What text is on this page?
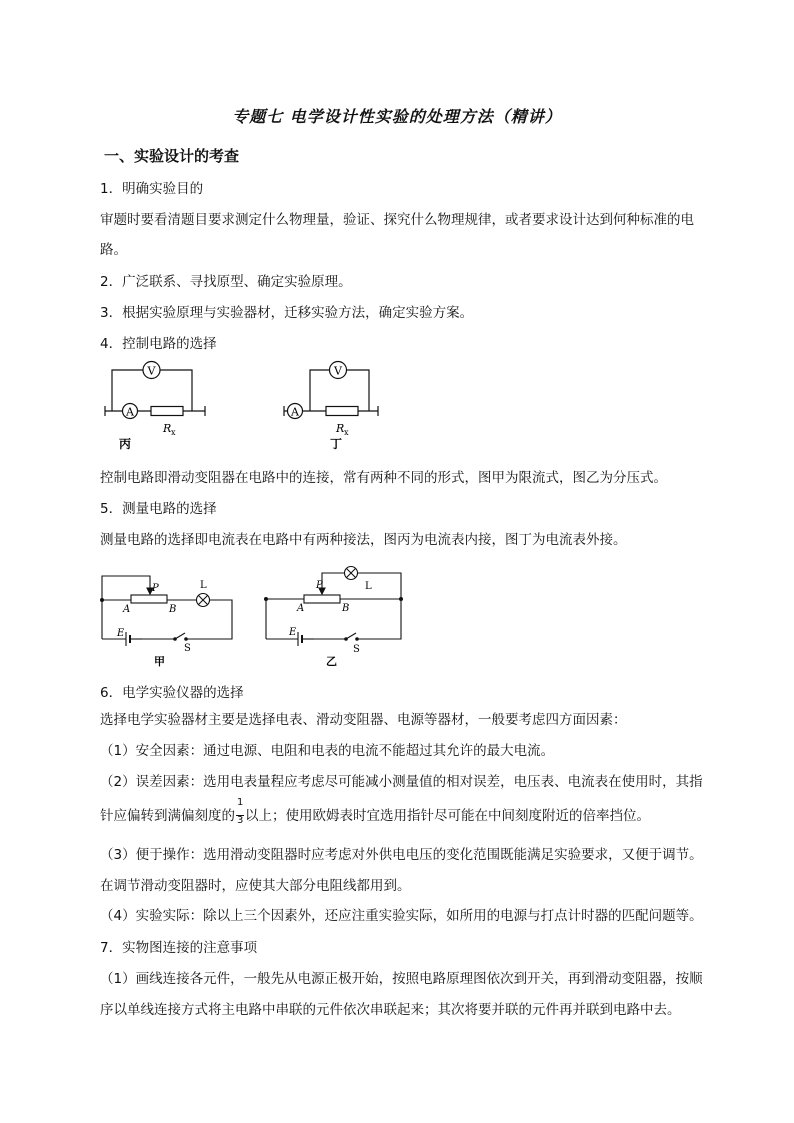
专题七 电学设计性实验的处理方法（精讲）
一、实验设计的考查
1．明确实验目的
审题时要看清题目要求测定什么物理量，验证、探究什么物理规律，或者要求设计达到何种标准的电
路。
2．广泛联系、寻找原型、确定实验原理。
3．根据实验原理与实验器材，迁移实验方法，确定实验方案。
4．控制电路的选择
V
A
R x
丙
V
A
R x
丁
控制电路即滑动变阻器在电路中的连接，常有两种不同的形式，图甲为限流式，图乙为分压式。
5．测量电路的选择
测量电路的选择即电流表在电路中有两种接法，图丙为电流表内接，图丁为电流表外接。
P
A	B
L
E
S
甲
P
A	B
L
E
S
乙
6．电学实验仪器的选择
选择电学实验器材主要是选择电表、滑动变阻器、电源等器材，一般要考虑四方面因素：
（1）安全因素：通过电源、电阻和电表的电流不能超过其允许的最大电流。
（2）误差因素：选用电表量程应考虑尽可能减小测量值的相对误差，电压表、电流表在使用时，其指
针应偏转到满偏刻度的 $\frac{1}{3}$ 以上；使用欧姆表时宜选用指针尽可能在中间刻度附近的倍率挡位。
（3）便于操作：选用滑动变阻器时应考虑对外供电电压的变化范围既能满足实验要求，又便于调节。
在调节滑动变阻器时，应使其大部分电阻线都用到。
（4）实验实际：除以上三个因素外，还应注重实验实际，如所用的电源与打点计时器的匹配问题等。
7．实物图连接的注意事项
（1）画线连接各元件，一般先从电源正极开始，按照电路原理图依次到开关，再到滑动变阻器，按顺
序以单线连接方式将主电路中串联的元件依次串联起来；其次将要并联的元件再并联到电路中去。
